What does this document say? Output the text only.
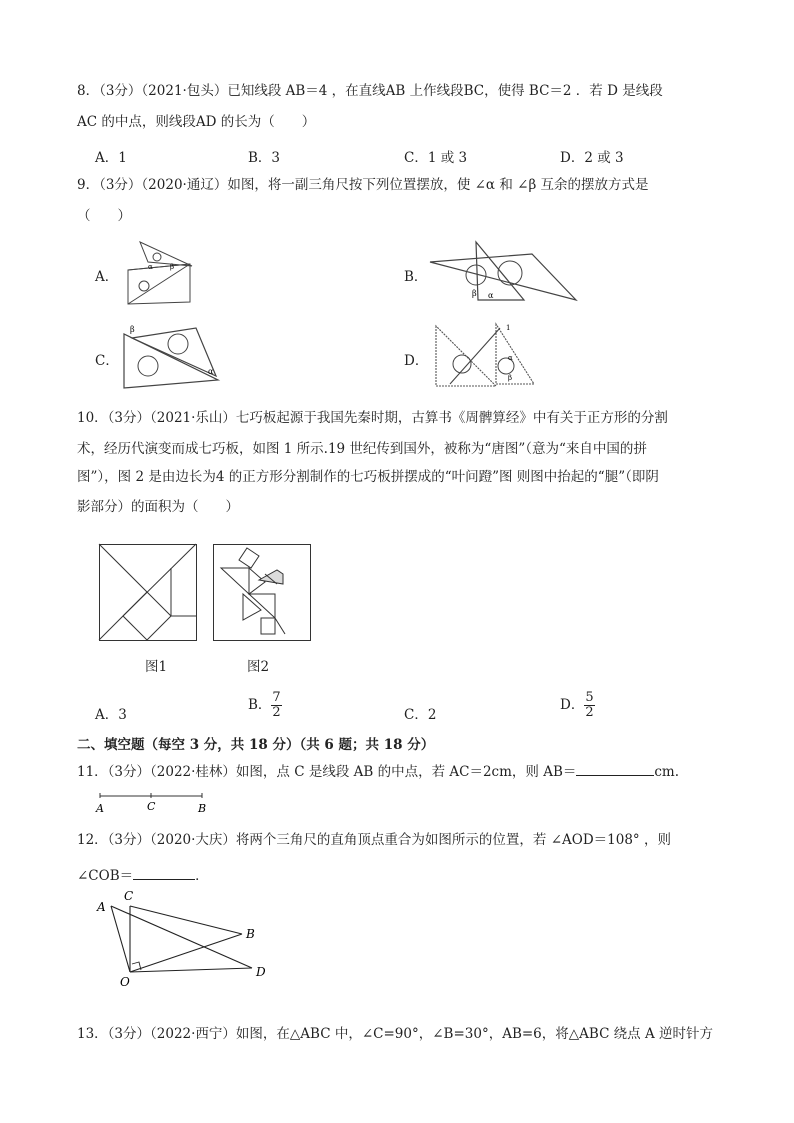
8．（3分）（2021·包头）已知线段 AB＝4 ，在直线AB 上作线段BC，使得 BC＝2 ．若 D 是线段
AC 的中点，则线段AD 的长为（　　）
A．1	B．3	C．1 或 3	D．2 或 3
9．（3分）（2020·通辽）如图，将一副三角尺按下列位置摆放，使 ∠α 和 ∠β 互余的摆放方式是
（　　）
A．
α β
B．
β α
C．
β
α
D．
1
α
β
10．（3分）（2021·乐山）七巧板起源于我国先秦时期，古算书《周髀算经》中有关于正方形的分割
术，经历代演变而成七巧板，如图 1 所示.19 世纪传到国外，被称为“唐图”（意为“来自中国的拼
图”），图 2 是由边长为4 的正方形分割制作的七巧板拼摆成的“叶问蹬”图 则图中抬起的“腿”（即阴
影部分）的面积为（　　）
图1	图2
A．3
B． $\frac{7}{2}$	C．2
D． $\frac{5}{2}$
二、填空题（每空 3 分，共 18 分）（共 6 题；共 18 分）
11．（3分）（2022·桂林）如图，点 C 是线段 AB 的中点，若 AC＝2cm，则 AB＝	cm.
A	C	B
12．（3分）（2020·大庆）将两个三角尺的直角顶点重合为如图所示的位置，若 ∠AOD＝108° ，则
∠COB＝	．
A
C
B
D
O
13．（3分）（2022·西宁）如图，在△ABC 中，∠C=90°，∠B=30°，AB=6，将△ABC 绕点 A 逆时针方
